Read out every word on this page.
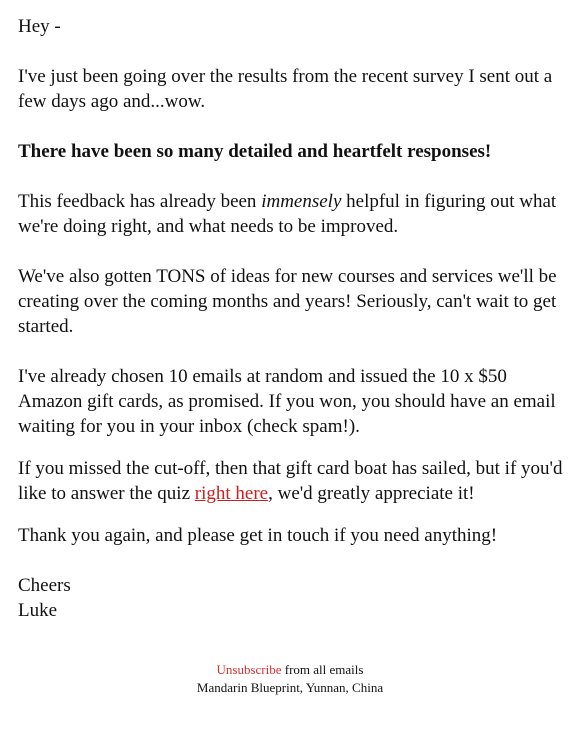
Hey -

I've just been going over the results from the recent survey I sent out a few days ago and...wow.

There have been so many detailed and heartfelt responses!

This feedback has already been immensely helpful in figuring out what we're doing right, and what needs to be improved.

We've also gotten TONS of ideas for new courses and services we'll be creating over the coming months and years! Seriously, can't wait to get started.

I've already chosen 10 emails at random and issued the 10 x $50 Amazon gift cards, as promised. If you won, you should have an email waiting for you in your inbox (check spam!).

If you missed the cut-off, then that gift card boat has sailed, but if you'd like to answer the quiz right here, we'd greatly appreciate it!

Thank you again, and please get in touch if you need anything!

Cheers

Luke

Unsubscribe from all emails
Mandarin Blueprint, Yunnan, China
